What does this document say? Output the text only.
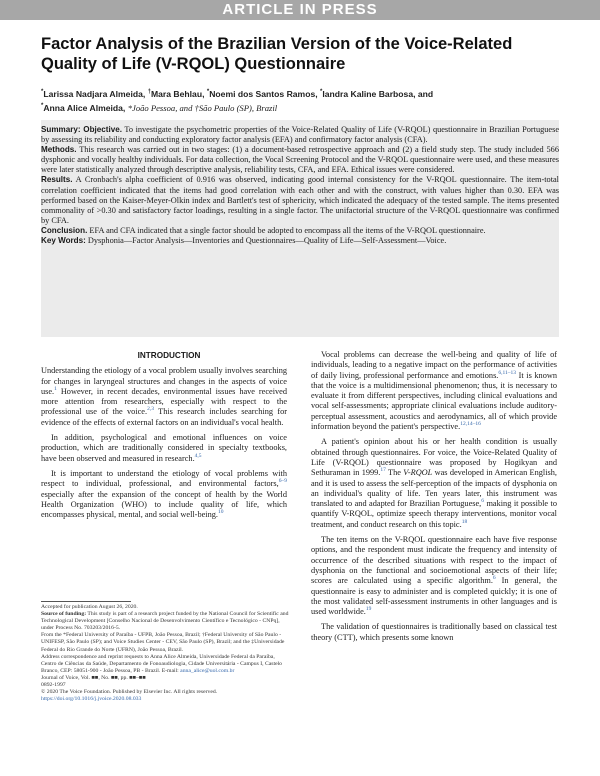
ARTICLE IN PRESS
Factor Analysis of the Brazilian Version of the Voice-Related Quality of Life (V-RQOL) Questionnaire
*Larissa Nadjara Almeida, †Mara Behlau, *Noemi dos Santos Ramos, *Iandra Kaline Barbosa, and
*Anna Alice Almeida, *João Pessoa, and †São Paulo (SP), Brazil

Summary: Objective. To investigate the psychometric properties of the Voice-Related Quality of Life (V-RQOL) questionnaire in Brazilian Portuguese by assessing its reliability and conducting exploratory factor analysis (EFA) and confirmatory factor analysis (CFA).

Methods. This research was carried out in two stages: (1) a document-based retrospective approach and (2) a field study step. The study included 566 dysphonic and vocally healthy individuals. For data collection, the Vocal Screening Protocol and the V-RQOL questionnaire were used, and these measures were later statistically analyzed through descriptive analysis, reliability tests, CFA, and EFA. Ethical issues were considered.

Results. A Cronbach's alpha coefficient of 0.916 was observed, indicating good internal consistency for the V-RQOL questionnaire. The item-total correlation coefficient indicated that the items had good correlation with each other and with the construct, with values higher than 0.30. EFA was performed based on the Kaiser-Meyer-Olkin index and Bartlett's test of sphericity, which indicated the adequacy of the tested sample. The items presented commonality of >0.30 and satisfactory factor loadings, resulting in a single factor. The unifactorial structure of the V-RQOL questionnaire was confirmed by CFA.

Conclusion. EFA and CFA indicated that a single factor should be adopted to encompass all the items of the V-RQOL questionnaire.

Key Words: Dysphonia—Factor Analysis—Inventories and Questionnaires—Quality of Life—Self-Assessment—Voice.

INTRODUCTION

Understanding the etiology of a vocal problem usually involves searching for changes in laryngeal structures and changes in the aspects of voice use.$^1$ However, in recent decades, environmental issues have received more attention from researchers, especially with respect to the professional use of the voice.$^{2,3}$ This research includes searching for evidence of the effects of external factors on an individual's vocal health.

In addition, psychological and emotional influences on voice production, which are traditionally considered in specialty textbooks, have been observed and measured in research.$^{4,5}$

It is important to understand the etiology of vocal problems with respect to individual, professional, and environmental factors,$^{6-9}$ especially after the expansion of the concept of health by the World Health Organization (WHO) to include quality of life, which encompasses physical, mental, and social well-being.$^{10}$

Accepted for publication August 26, 2020.

Source of funding: This study is part of a research project funded by the National Council for Scientific and Technological Development [Conselho Nacional de Desenvolvimento Científico e Tecnológico - CNPq], under Process No. 703203/2016-5.

From the *Federal University of Paraíba - UFPB, João Pessoa, Brazil; †Federal University of São Paulo - UNIFESP, São Paulo (SP); and Voice Studies Center - CEV, São Paulo (SP), Brazil; and the ‡Universidade Federal do Rio Grande do Norte (UFRN), João Pessoa, Brazil.

Address correspondence and reprint requests to Anna Alice Almeida, Universidade Federal da Paraíba, Centro de Ciências da Saúde, Departamento de Fonoaudiologia, Cidade Universitária - Campus I, Castelo Branco, CEP: 58051-900 - João Pessoa, PB - Brazil. E-mail: anna_alice@uol.com.br

Journal of Voice, Vol. ■■, No. ■■, pp. ■■–■■

0892-1997

© 2020 The Voice Foundation. Published by Elsevier Inc. All rights reserved.

https://doi.org/10.1016/j.jvoice.2020.08.033

Vocal problems can decrease the well-being and quality of life of individuals, leading to a negative impact on the performance of activities of daily living, professional performance and emotions.$^{6,11-13}$ It is known that the voice is a multidimensional phenomenon; thus, it is necessary to evaluate it from different perspectives, including clinical evaluations and vocal self-assessments; appropriate clinical evaluations include auditory-perceptual assessment, acoustics and aerodynamics, all of which provide information beyond the patient's perspective.$^{12,14-16}$

A patient's opinion about his or her health condition is usually obtained through questionnaires. For voice, the Voice-Related Quality of Life (V-RQOL) questionnaire was proposed by Hogikyan and Sethuraman in 1999.17 The V-RQOL was developed in American English, and it is used to assess the self-perception of the impacts of dysphonia on an individual's quality of life. Ten years later, this instrument was translated to and adapted for Brazilian Portuguese,$^6$ making it possible to quantify V-RQOL, optimize speech therapy interventions, monitor vocal treatment, and conduct research on this topic.$^{18}$

The ten items on the V-RQOL questionnaire each have five response options, and the respondent must indicate the frequency and intensity of occurrence of the described situations with respect to the impact of dysphonia on the functional and socioemotional aspects of their life; scores are calculated using a specific algorithm.$^6$ In general, the questionnaire is easy to administer and is completed quickly; it is one of the most validated self-assessment instruments in other languages and is used worldwide.$^{19}$

The validation of questionnaires is traditionally based on classical test theory (CTT), which presents some known
